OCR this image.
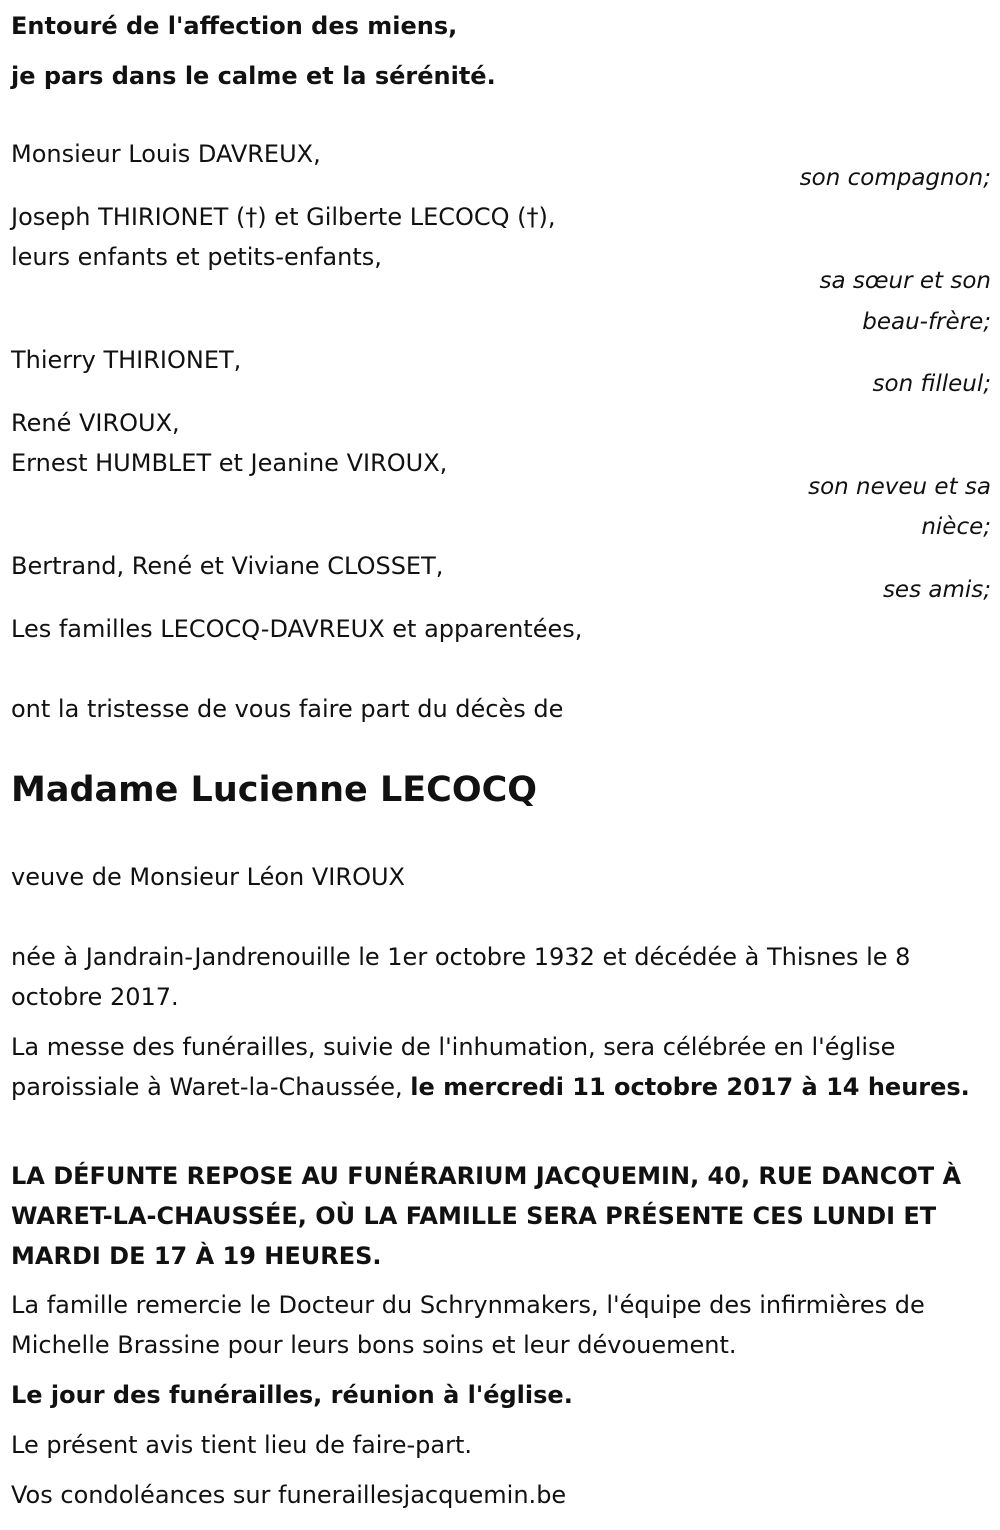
Entouré de l'affection des miens,
je pars dans le calme et la sérénité.
Monsieur Louis DAVREUX,
son compagnon;
Joseph THIRIONET (†) et Gilberte LECOCQ (†),
leurs enfants et petits-enfants,
sa sœur et son
beau-frère;
Thierry THIRIONET,
son filleul;
René VIROUX,
Ernest HUMBLET et Jeanine VIROUX,
son neveu et sa
nièce;
Bertrand, René et Viviane CLOSSET,
ses amis;
Les familles LECOCQ-DAVREUX et apparentées,
ont la tristesse de vous faire part du décès de
Madame Lucienne LECOCQ
veuve de Monsieur Léon VIROUX
née à Jandrain-Jandrenouille le 1er octobre 1932 et décédée à Thisnes le 8 octobre 2017.
La messe des funérailles, suivie de l'inhumation, sera célébrée en l'église paroissiale à Waret-la-Chaussée, le mercredi 11 octobre 2017 à 14 heures.
LA DÉFUNTE REPOSE AU FUNÉRARIUM JACQUEMIN, 40, RUE DANCOT À WARET-LA-CHAUSSÉE, OÙ LA FAMILLE SERA PRÉSENTE CES LUNDI ET MARDI DE 17 À 19 HEURES.
La famille remercie le Docteur du Schrynmakers, l'équipe des infirmières de Michelle Brassine pour leurs bons soins et leur dévouement.
Le jour des funérailles, réunion à l'église.
Le présent avis tient lieu de faire-part.
Vos condoléances sur funeraillesjacquemin.be
